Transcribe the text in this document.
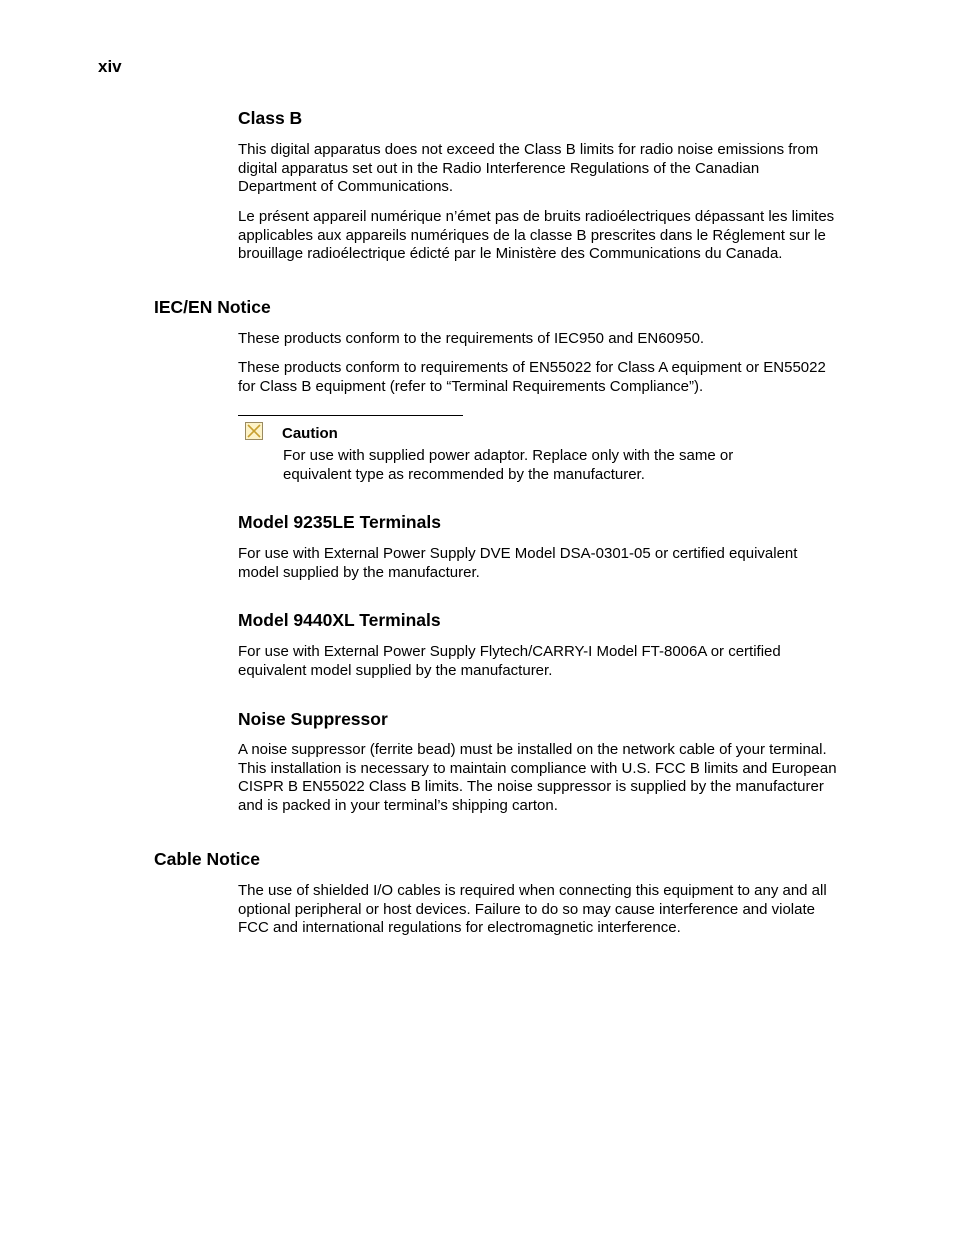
xiv
Class B
This digital apparatus does not exceed the Class B limits for radio noise emissions from
digital apparatus set out in the Radio Interference Regulations of the Canadian
Department of Communications.
Le présent appareil numérique n’émet pas de bruits radioélectriques dépassant les limites
applicables aux appareils numériques de la classe B prescrites dans le Réglement sur le
brouillage radioélectrique édicté par le Ministère des Communications du Canada.
IEC/EN Notice
These products conform to the requirements of IEC950 and EN60950.
These products conform to requirements of EN55022 for Class A equipment or EN55022
for Class B equipment (refer to “Terminal Requirements Compliance”).
Caution
For use with supplied power adaptor. Replace only with the same or
equivalent type as recommended by the manufacturer.
Model 9235LE Terminals
For use with External Power Supply DVE Model DSA-0301-05 or certified equivalent
model supplied by the manufacturer.
Model 9440XL Terminals
For use with External Power Supply Flytech/CARRY-I Model FT-8006A or certified
equivalent model supplied by the manufacturer.
Noise Suppressor
A noise suppressor (ferrite bead) must be installed on the network cable of your terminal.
This installation is necessary to maintain compliance with U.S. FCC B limits and European
CISPR B EN55022 Class B limits. The noise suppressor is supplied by the manufacturer
and is packed in your terminal’s shipping carton.
Cable Notice
The use of shielded I/O cables is required when connecting this equipment to any and all
optional peripheral or host devices. Failure to do so may cause interference and violate
FCC and international regulations for electromagnetic interference.
